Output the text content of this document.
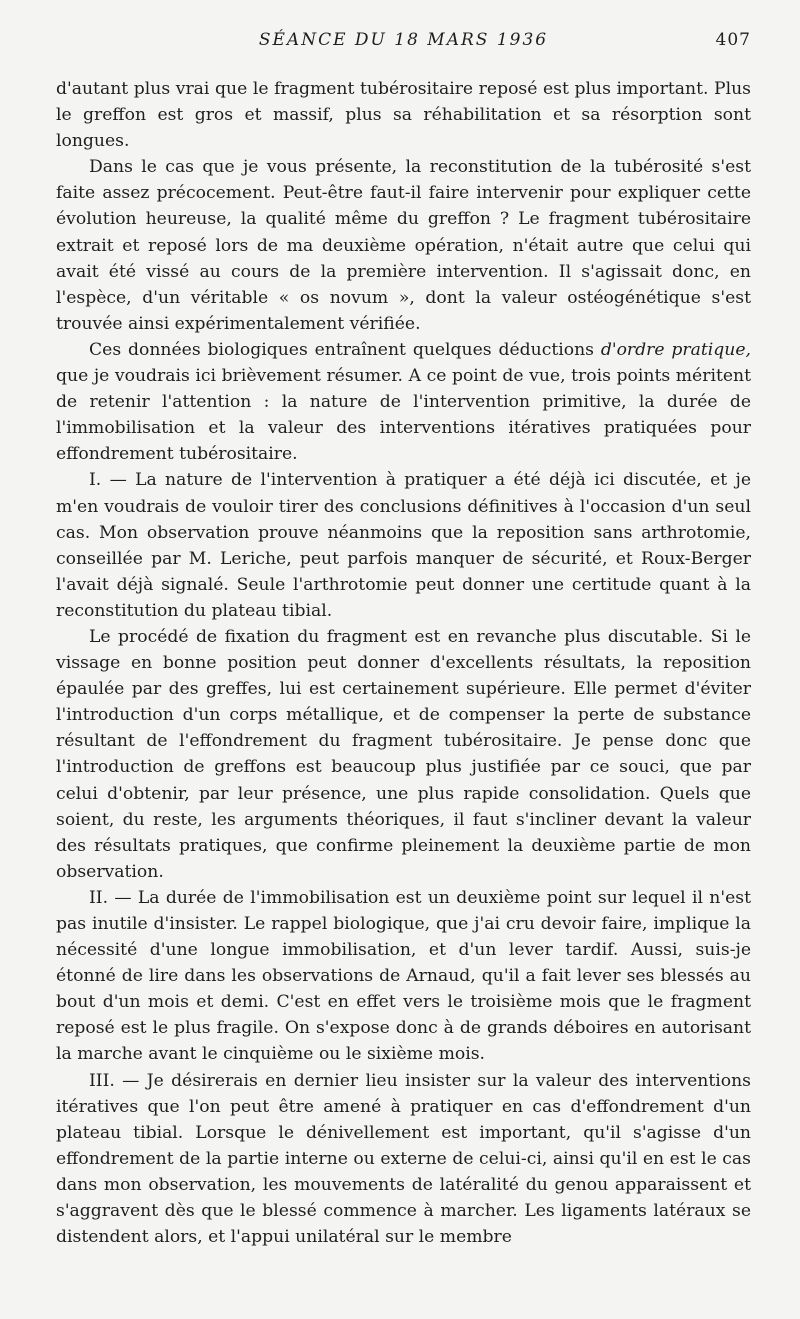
SÉANCE DU 18 MARS 1936	407

d'autant plus vrai que le fragment tubérositaire reposé est plus important. Plus le greffon est gros et massif, plus sa réhabilitation et sa résorption sont longues.

Dans le cas que je vous présente, la reconstitution de la tubérosité s'est faite assez précocement. Peut-être faut-il faire intervenir pour expliquer cette évolution heureuse, la qualité même du greffon ? Le fragment tubérositaire extrait et reposé lors de ma deuxième opération, n'était autre que celui qui avait été vissé au cours de la première intervention. Il s'agissait donc, en l'espèce, d'un véritable « os novum », dont la valeur ostéogénétique s'est trouvée ainsi expérimentalement vérifiée.

Ces données biologiques entraînent quelques déductions d'ordre pratique, que je voudrais ici brièvement résumer. A ce point de vue, trois points méritent de retenir l'attention : la nature de l'intervention primitive, la durée de l'immobilisation et la valeur des interventions itératives pratiquées pour effondrement tubérositaire.

I. — La nature de l'intervention à pratiquer a été déjà ici discutée, et je m'en voudrais de vouloir tirer des conclusions définitives à l'occasion d'un seul cas. Mon observation prouve néanmoins que la reposition sans arthrotomie, conseillée par M. Leriche, peut parfois manquer de sécurité, et Roux-Berger l'avait déjà signalé. Seule l'arthrotomie peut donner une certitude quant à la reconstitution du plateau tibial.

Le procédé de fixation du fragment est en revanche plus discutable. Si le vissage en bonne position peut donner d'excellents résultats, la reposition épaulée par des greffes, lui est certainement supérieure. Elle permet d'éviter l'introduction d'un corps métallique, et de compenser la perte de substance résultant de l'effondrement du fragment tubérositaire. Je pense donc que l'introduction de greffons est beaucoup plus justifiée par ce souci, que par celui d'obtenir, par leur présence, une plus rapide consolidation. Quels que soient, du reste, les arguments théoriques, il faut s'incliner devant la valeur des résultats pratiques, que confirme pleinement la deuxième partie de mon observation.

II. — La durée de l'immobilisation est un deuxième point sur lequel il n'est pas inutile d'insister. Le rappel biologique, que j'ai cru devoir faire, implique la nécessité d'une longue immobilisation, et d'un lever tardif. Aussi, suis-je étonné de lire dans les observations de Arnaud, qu'il a fait lever ses blessés au bout d'un mois et demi. C'est en effet vers le troisième mois que le fragment reposé est le plus fragile. On s'expose donc à de grands déboires en autorisant la marche avant le cinquième ou le sixième mois.

III. — Je désirerais en dernier lieu insister sur la valeur des interventions itératives que l'on peut être amené à pratiquer en cas d'effondrement d'un plateau tibial. Lorsque le dénivellement est important, qu'il s'agisse d'un effondrement de la partie interne ou externe de celui-ci, ainsi qu'il en est le cas dans mon observation, les mouvements de latéralité du genou apparaissent et s'aggravent dès que le blessé commence à marcher. Les ligaments latéraux se distendent alors, et l'appui unilatéral sur le membre
